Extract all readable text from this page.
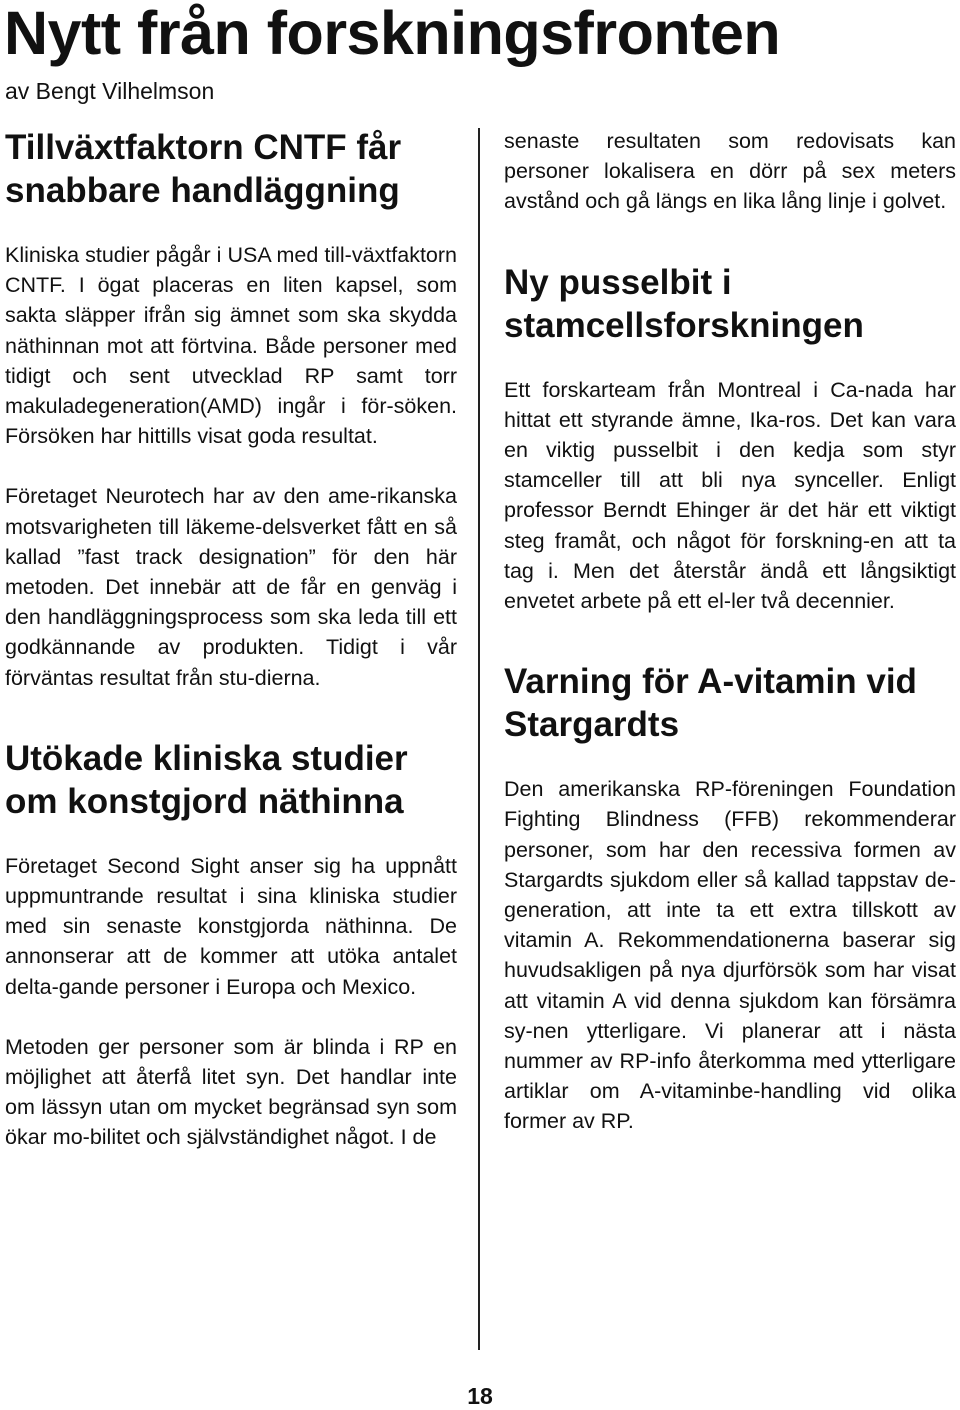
Nytt från forskningsfronten
av Bengt Vilhelmson
Tillväxtfaktorn CNTF får snabbare handläggning

Kliniska studier pågår i USA med till-växtfaktorn CNTF. I ögat placeras en liten kapsel, som sakta släpper ifrån sig ämnet som ska skydda näthinnan mot att förtvina. Både personer med tidigt och sent utvecklad RP samt torr makuladegeneration(AMD) ingår i för-söken. Försöken har hittills visat goda resultat.

Företaget Neurotech har av den ame-rikanska motsvarigheten till läkeme-delsverket fått en så kallad ”fast track designation” för den här metoden. Det innebär att de får en genväg i den handläggningsprocess som ska leda till ett godkännande av produkten. Tidigt i vår förväntas resultat från stu-dierna.

Utökade kliniska studier om konstgjord näthinna

Företaget Second Sight anser sig ha uppnått uppmuntrande resultat i sina kliniska studier med sin senaste konstgjorda näthinna. De annonserar att de kommer att utöka antalet delta-gande personer i Europa och Mexico.

Metoden ger personer som är blinda i RP en möjlighet att återfå litet syn. Det handlar inte om lässyn utan om mycket begränsad syn som ökar mo-bilitet och självständighet något. I de

senaste resultaten som redovisats kan personer lokalisera en dörr på sex meters avstånd och gå längs en lika lång linje i golvet.

Ny pusselbit i stamcellsforskningen

Ett forskarteam från Montreal i Ca-nada har hittat ett styrande ämne, Ika-ros. Det kan vara en viktig pusselbit i den kedja som styr stamceller till att bli nya synceller. Enligt professor Berndt Ehinger är det här ett viktigt steg framåt, och något för forskning-en att ta tag i. Men det återstår ändå ett långsiktigt envetet arbete på ett el-ler två decennier.

Varning för A-vitamin vid Stargardts

Den amerikanska RP-föreningen Foundation Fighting Blindness (FFB) rekommenderar personer, som har den recessiva formen av Stargardts sjukdom eller så kallad tappstav de-generation, att inte ta ett extra tillskott av vitamin A. Rekommendationerna baserar sig huvudsakligen på nya djurförsök som har visat att vitamin A vid denna sjukdom kan försämra sy-nen ytterligare. Vi planerar att i nästa nummer av RP-info återkomma med ytterligare artiklar om A-vitaminbe-handling vid olika former av RP.

18
